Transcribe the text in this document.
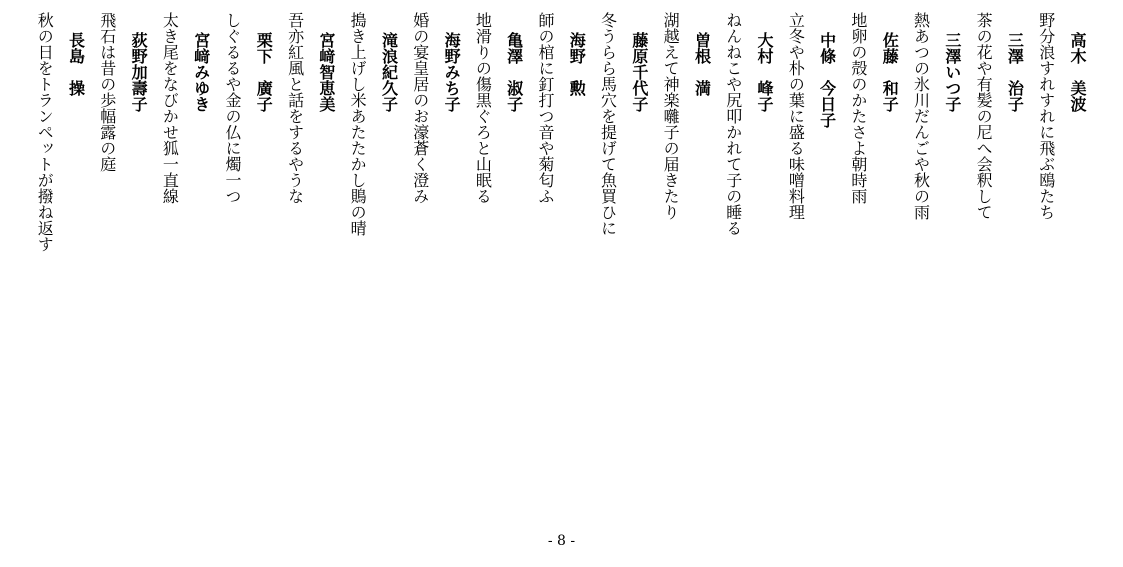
高木　美波
野分浪すれすれに飛ぶ鴎たち
三澤　治子
茶の花や有髪の尼へ会釈して
三澤いつ子
熱あつの氷川だんごや秋の雨
佐藤　和子
地卵の殻のかたさよ朝時雨
中條　今日子
立冬や朴の葉に盛る味噌料理
大村　峰子
ねんねこや尻叩かれて子の睡る
曽根　満
湖越えて神楽囃子の届きたり
藤原千代子
冬うらら馬穴を提げて魚買ひに
海野　勲
師の棺に釘打つ音や菊匂ふ
亀澤　淑子
地滑りの傷黒ぐろと山眠る
海野みち子
婚の宴皇居のお濠蒼く澄み
滝浪紀久子
搗き上げし米あたたかし鵙の晴
宮﨑智恵美
吾亦紅風と話をするやうな
栗下　廣子
しぐるるや金の仏に燭一つ
宮﨑みゆき
太き尾をなびかせ狐一直線
荻野加壽子
飛石は昔の歩幅露の庭
長島　操
秋の日をトランペットが撥ね返す
- 8 -
